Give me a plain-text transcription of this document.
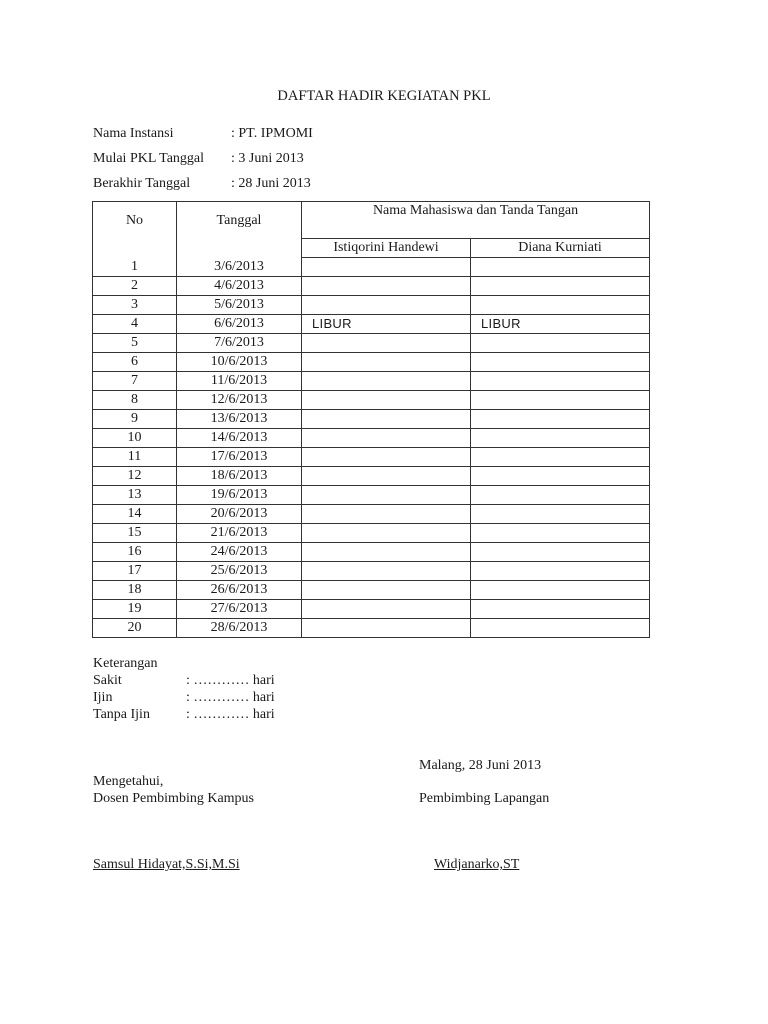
DAFTAR HADIR KEGIATAN PKL
Nama Instansi	: PT. IPMOMI
Mulai PKL Tanggal : 3 Juni 2013
Berakhir Tanggal	: 28 Juni 2013
No	Tanggal	Nama Mahasiswa dan Tanda Tangan	
		Istiqorini Handewi	Diana Kurniati
1	3/6/2013		
2	4/6/2013		
3	5/6/2013		
4	6/6/2013	LIBUR	LIBUR
5	7/6/2013		
6	10/6/2013		
7	11/6/2013		
8	12/6/2013		
9	13/6/2013		
10	14/6/2013		
11	17/6/2013		
12	18/6/2013		
13	19/6/2013		
14	20/6/2013		
15	21/6/2013		
16	24/6/2013		
17	25/6/2013		
18	26/6/2013		
19	27/6/2013		
20	28/6/2013		
Keterangan
Sakit	: ………… hari
Ijin	: ………… hari
Tanpa Ijin	: ………… hari
Malang, 28 Juni 2013
Mengetahui,
Dosen Pembimbing Kampus	Pembimbing Lapangan
Samsul Hidayat,S.Si,M.Si	Widjanarko,ST
